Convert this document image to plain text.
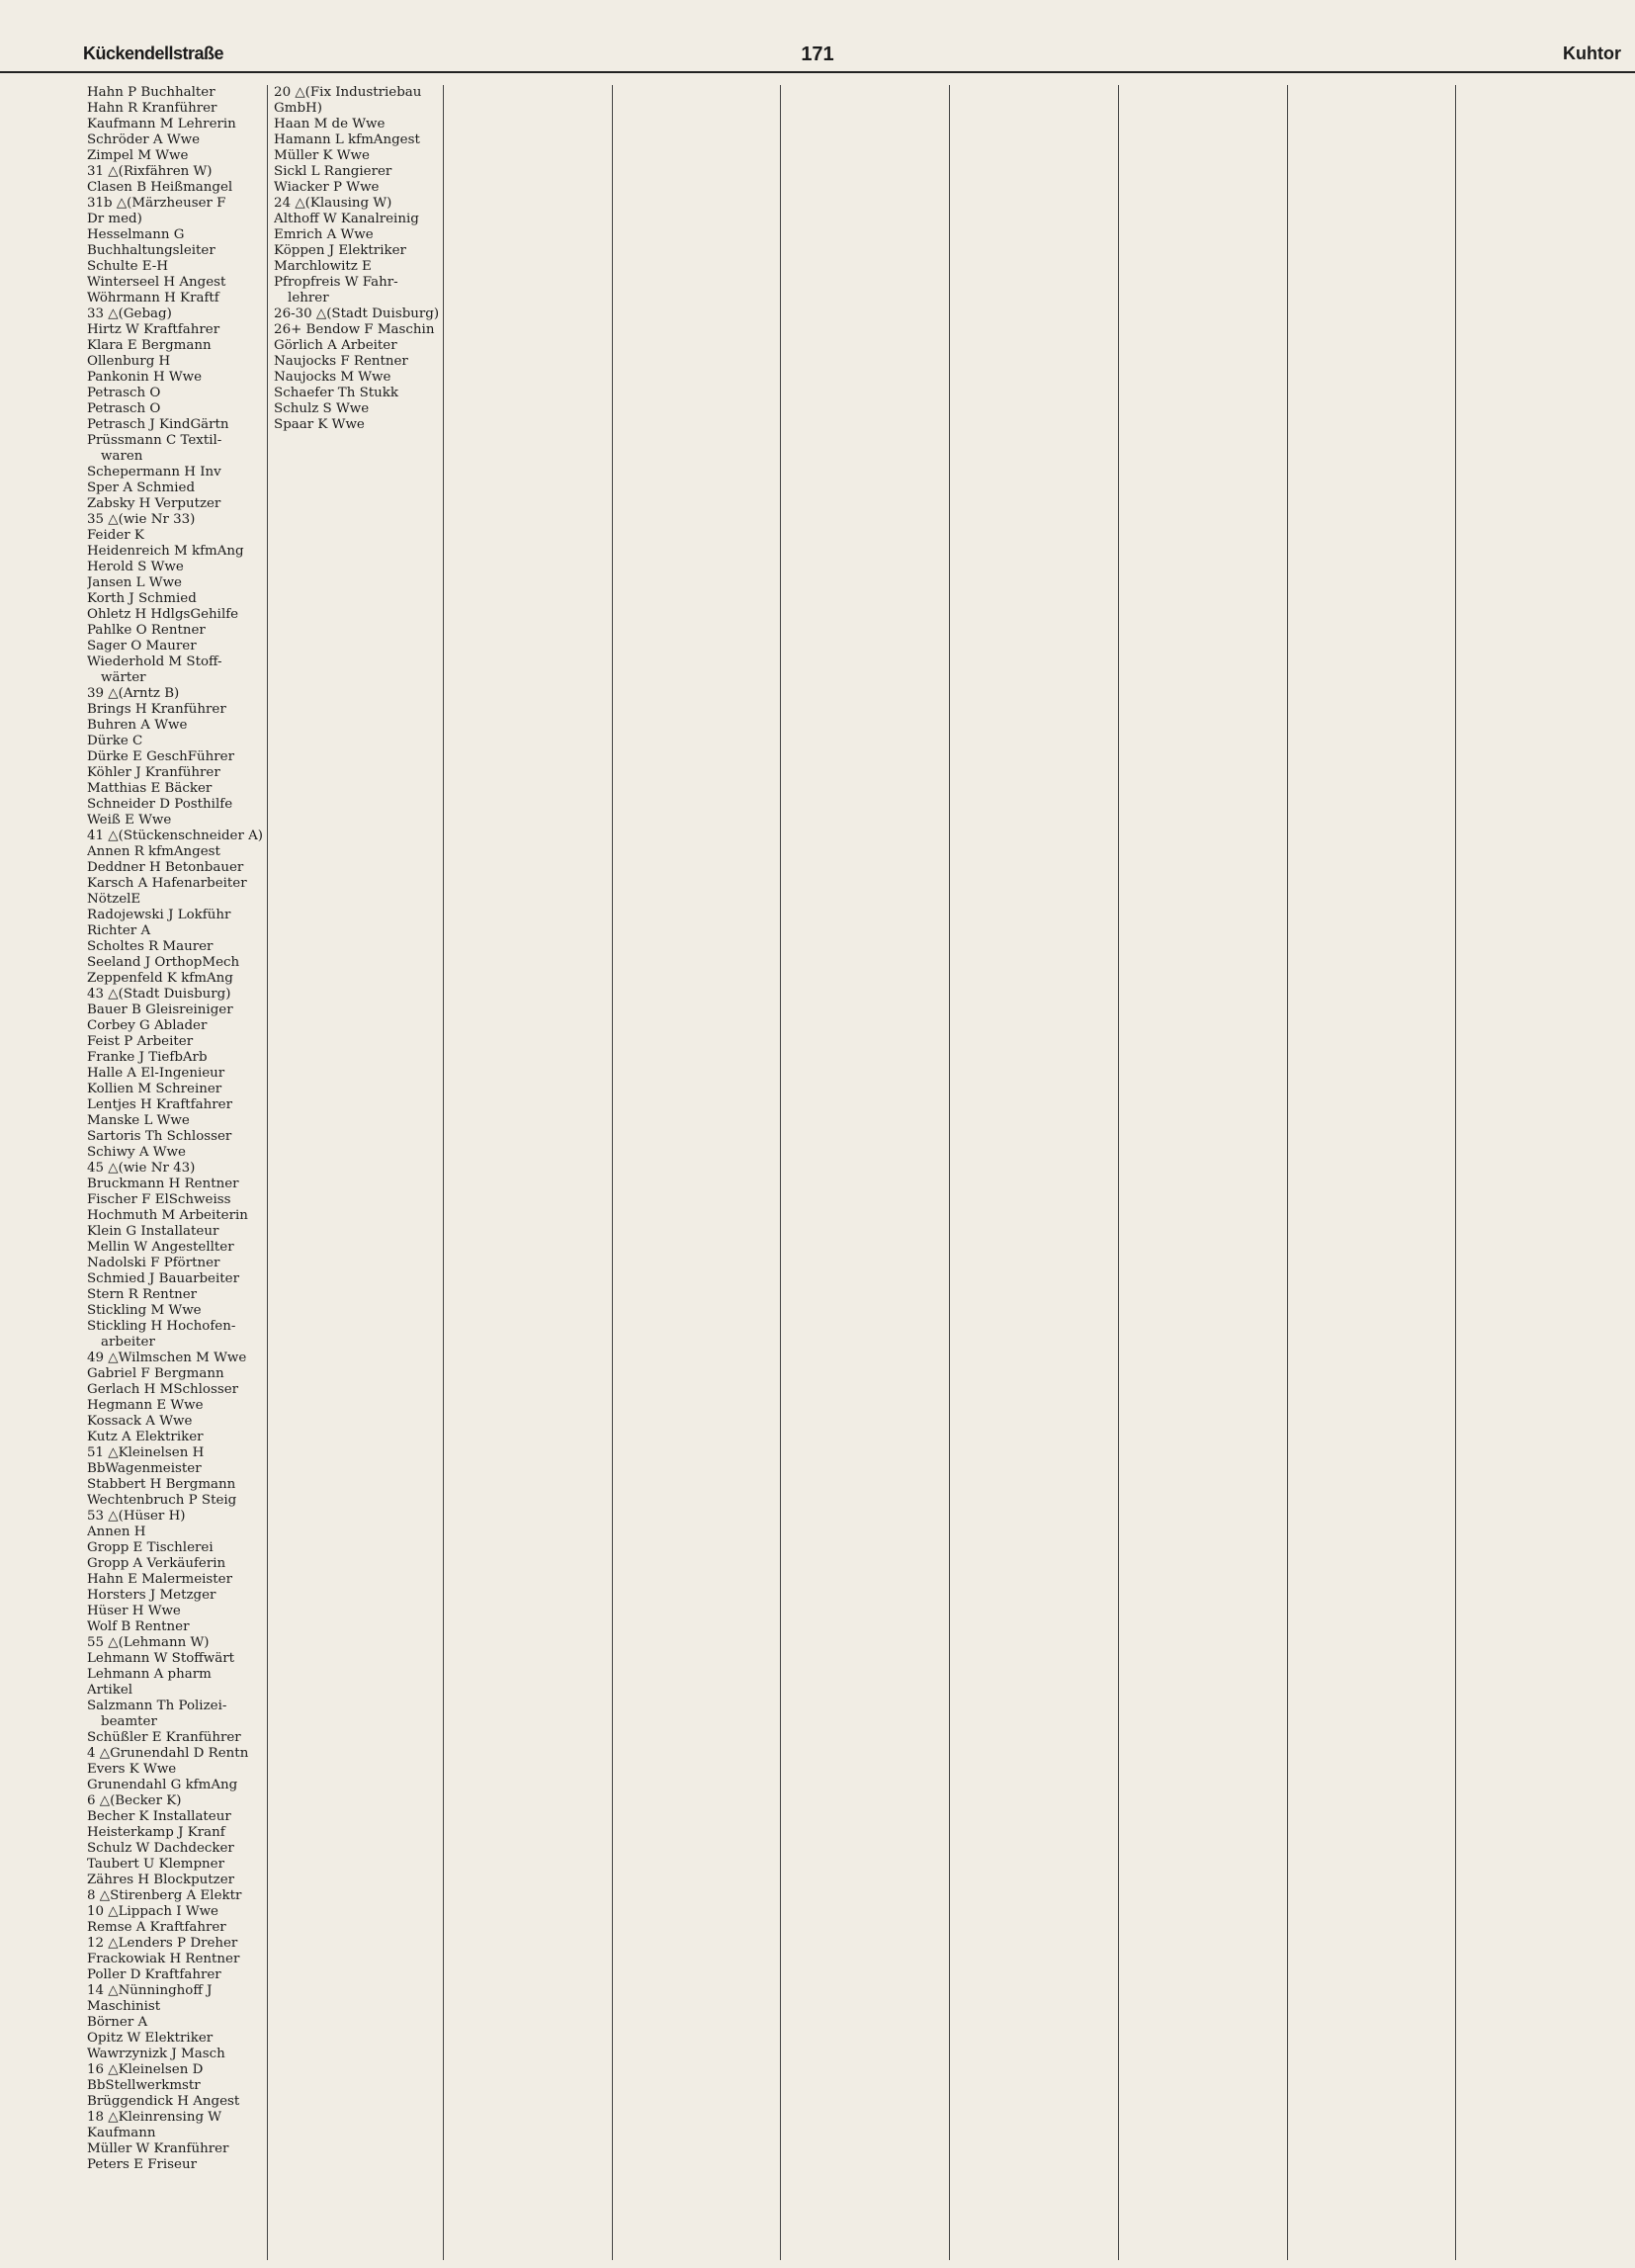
Kückendellstraße	171	Kuhtor
Hahn P Buchhalter
Hahn R Kranführer
Kaufmann M Lehrerin
Schröder A Wwe
Zimpel M Wwe
31 △(Rixfähren W)
Clasen B Heißmangel
31b △(Märzheuser F
Dr med)
Hesselmann G
Buchhaltungsleiter
Schulte E-H
Winterseel H Angest
Wöhrmann H Kraftf
33 △(Gebag)
Hirtz W Kraftfahrer
Klara E Bergmann
Ollenburg H
Pankonin H Wwe
Petrasch O
Petrasch O
Petrasch J KindGärtn
Prüssmann C Textil-
waren
Schepermann H Inv
Sper A Schmied
Zabsky H Verputzer
35 △(wie Nr 33)
Feider K
Heidenreich M kfmAng
Herold S Wwe
Jansen L Wwe
Korth J Schmied
Ohletz H HdlgsGehilfe
Pahlke O Rentner
Sager O Maurer
Wiederhold M Stoff-
wärter
39 △(Arntz B)
Brings H Kranführer
Buhren A Wwe
Dürke C
Dürke E GeschFührer
Köhler J Kranführer
Matthias E Bäcker
Schneider D Posthilfe
Weiß E Wwe
41 △(Stückenschneider A)
Annen R kfmAngest
Deddner H Betonbauer
Karsch A Hafenarbeiter
NötzelE
Radojewski J Lokführ
Richter A
Scholtes R Maurer
Seeland J OrthopMech
Zeppenfeld K kfmAng
43 △(Stadt Duisburg)
Bauer B Gleisreiniger
Corbey G Ablader
Feist P Arbeiter
Franke J TiefbArb
Halle A El-Ingenieur
Kollien M Schreiner
Lentjes H Kraftfahrer
Manske L Wwe
Sartoris Th Schlosser
Schiwy A Wwe
45 △(wie Nr 43)
Bruckmann H Rentner
Fischer F ElSchweiss
Hochmuth M Arbeiterin
Klein G Installateur
Mellin W Angestellter
Nadolski F Pförtner
Schmied J Bauarbeiter
Stern R Rentner
Stickling M Wwe
Stickling H Hochofen-
arbeiter
49 △Wilmschen M Wwe
Gabriel F Bergmann
Gerlach H MSchlosser
Hegmann E Wwe
Kossack A Wwe
Kutz A Elektriker
51 △Kleinelsen H
BbWagenmeister
Stabbert H Bergmann
Wechtenbruch P Steig
53 △(Hüser H)
Annen H
Gropp E Tischlerei
Gropp A Verkäuferin
Hahn E Malermeister
Horsters J Metzger
Hüser H Wwe
Wolf B Rentner
55 △(Lehmann W)
Lehmann W Stoffwärt
Lehmann A pharm
Artikel
Salzmann Th Polizei-
beamter
Schüßler E Kranführer
4 △Grunendahl D Rentn
Evers K Wwe
Grunendahl G kfmAng
6 △(Becker K)
Becher K Installateur
Heisterkamp J Kranf
Schulz W Dachdecker
Taubert U Klempner
Zähres H Blockputzer
8 △Stirenberg A Elektr
10 △Lippach I Wwe
Remse A Kraftfahrer
12 △Lenders P Dreher
Frackowiak H Rentner
Poller D Kraftfahrer
14 △Nünninghoff J
Maschinist
Börner A
Opitz W Elektriker
Wawrzynizk J Masch
16 △Kleinelsen D
BbStellwerkmstr
Brüggendick H Angest
18 △Kleinrensing W
Kaufmann
Müller W Kranführer
Peters E Friseur
20 △(Fix Industriebau
GmbH)
Haan M de Wwe
Hamann L kfmAngest
Müller K Wwe
Sickl L Rangierer
Wiacker P Wwe
24 △(Klausing W)
Althoff W Kanalreinig
Emrich A Wwe
Köppen J Elektriker
Marchlowitz E
Pfropfreis W Fahr-
lehrer
26-30 △(Stadt Duisburg)
26+ Bendow F Maschin
Görlich A Arbeiter
Naujocks F Rentner
Naujocks M Wwe
Schaefer Th Stukk
Schulz S Wwe
Spaar K Wwe
